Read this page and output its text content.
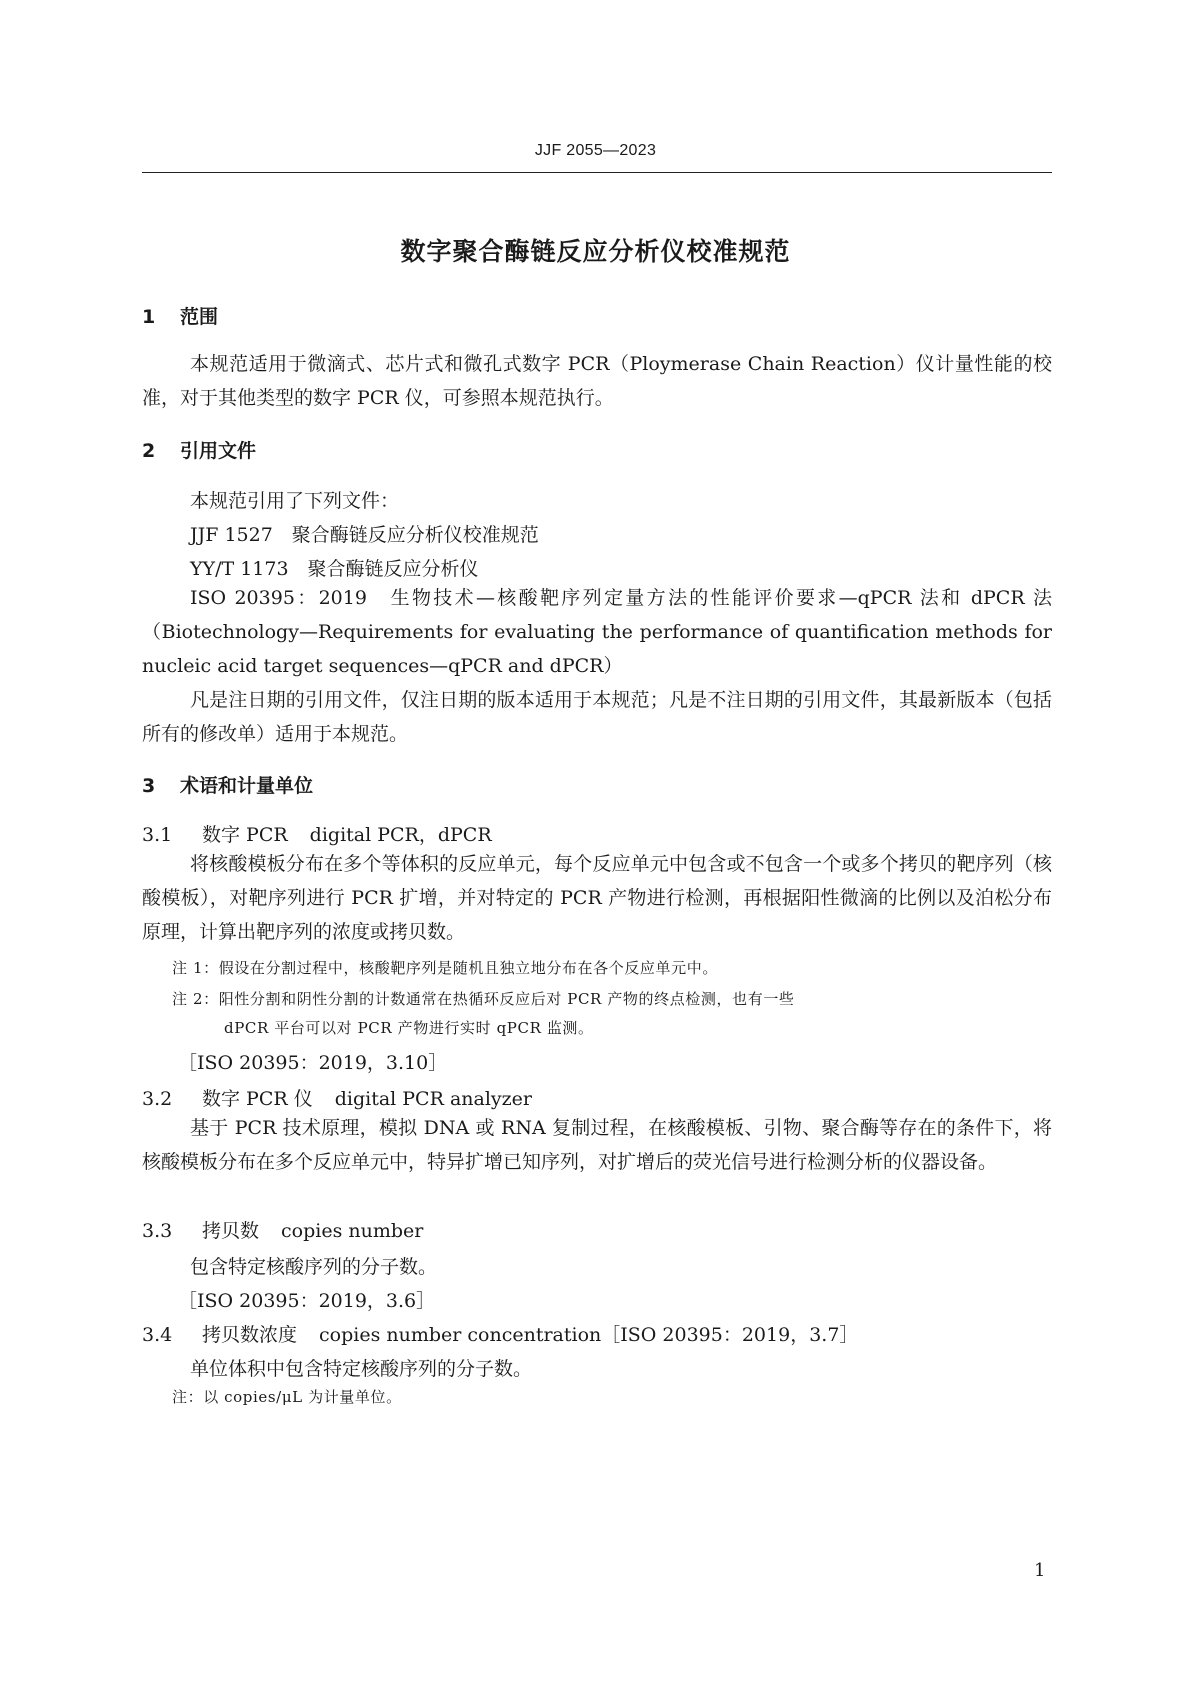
JJF 2055—2023
数字聚合酶链反应分析仪校准规范
1 范围
本规范适用于微滴式、芯片式和微孔式数字 PCR（Ploymerase Chain Reaction）仪计量性能的校准，对于其他类型的数字 PCR 仪，可参照本规范执行。
2 引用文件
本规范引用了下列文件：
JJF 1527　聚合酶链反应分析仪校准规范
YY/T 1173　聚合酶链反应分析仪
ISO 20395：2019　生物技术—核酸靶序列定量方法的性能评价要求—qPCR 法和 dPCR 法（Biotechnology—Requirements for evaluating the performance of quantification methods for nucleic acid target sequences—qPCR and dPCR）
凡是注日期的引用文件，仅注日期的版本适用于本规范；凡是不注日期的引用文件，其最新版本（包括所有的修改单）适用于本规范。
3 术语和计量单位
3.1 数字 PCR digital PCR，dPCR
将核酸模板分布在多个等体积的反应单元，每个反应单元中包含或不包含一个或多个拷贝的靶序列（核酸模板），对靶序列进行 PCR 扩增，并对特定的 PCR 产物进行检测，再根据阳性微滴的比例以及泊松分布原理，计算出靶序列的浓度或拷贝数。
注 1：假设在分割过程中，核酸靶序列是随机且独立地分布在各个反应单元中。
注 2：阳性分割和阴性分割的计数通常在热循环反应后对 PCR 产物的终点检测，也有一些
dPCR 平台可以对 PCR 产物进行实时 qPCR 监测。
［ISO 20395：2019，3.10］
3.2 数字 PCR 仪 digital PCR analyzer
基于 PCR 技术原理，模拟 DNA 或 RNA 复制过程，在核酸模板、引物、聚合酶等存在的条件下，将核酸模板分布在多个反应单元中，特异扩增已知序列，对扩增后的荧光信号进行检测分析的仪器设备。
3.3 拷贝数 copies number
包含特定核酸序列的分子数。
［ISO 20395：2019，3.6］
3.4 拷贝数浓度 copies number concentration［ISO 20395：2019，3.7］
单位体积中包含特定核酸序列的分子数。
注：以 copies/μL 为计量单位。
1
